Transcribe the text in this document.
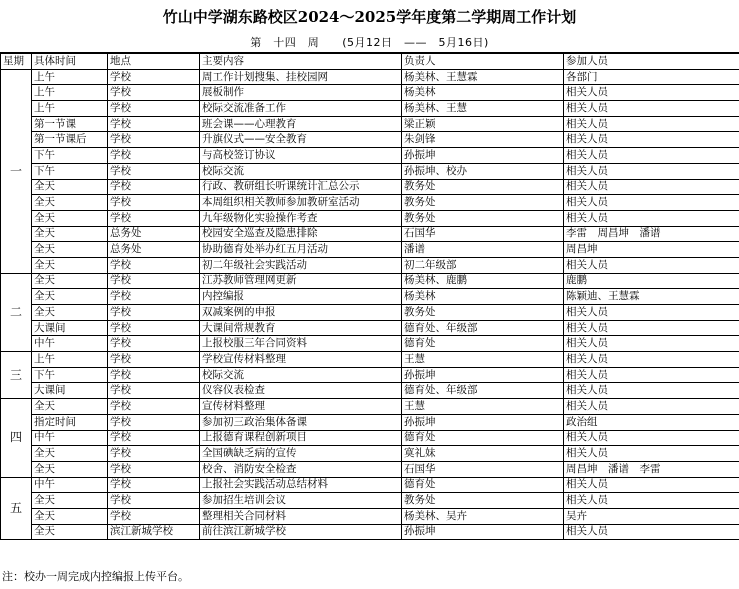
竹山中学湖东路校区2024～2025学年度第二学期周工作计划
第　十四　周　　(5月12日　——　5月16日)
星期	具体时间	地点	主要内容	负责人	参加人员
一	上午	学校	周工作计划搜集、挂校园网	杨美林、王慧霖	各部门
	上午	学校	展板制作	杨美林	相关人员
	上午	学校	校际交流准备工作	杨美林、王慧	相关人员
	第一节课	学校	班会课——心理教育	梁正颖	相关人员
	第一节课后	学校	升旗仪式——安全教育	朱剑锋	相关人员
	下午	学校	与高校签订协议	孙振坤	相关人员
	下午	学校	校际交流	孙振坤、校办	相关人员
	全天	学校	行政、教研组长听课统计汇总公示	教务处	相关人员
	全天	学校	本周组织相关教师参加教研室活动	教务处	相关人员
	全天	学校	九年级物化实验操作考查	教务处	相关人员
	全天	总务处	校园安全巡查及隐患排除	石国华	李雷　周昌坤　潘谱
	全天	总务处	协助德育处举办红五月活动	潘谱	周昌坤
	全天	学校	初二年级社会实践活动	初二年级部	相关人员
二	全天	学校	江苏教师管理网更新	杨美林、鹿鹏	鹿鹏
	全天	学校	内控编报	杨美林	陈颖迪、王慧霖
	全天	学校	双减案例的申报	教务处	相关人员
	大课间	学校	大课间常规教育	德育处、年级部	相关人员
	中午	学校	上报校服三年合同资料	德育处	相关人员
三	上午	学校	学校宣传材料整理	王慧	相关人员
	下午	学校	校际交流	孙振坤	相关人员
	大课间	学校	仪容仪表检查	德育处、年级部	相关人员
四	全天	学校	宣传材料整理	王慧	相关人员
	指定时间	学校	参加初三政治集体备课	孙振坤	政治组
	中午	学校	上报德育课程创新项目	德育处	相关人员
	全天	学校	全国碘缺乏病的宣传	寞礼妹	相关人员
	全天	学校	校舍、消防安全检查	石国华	周昌坤　潘谱　李雷
五	中午	学校	上报社会实践活动总结材料	德育处	相关人员
	全天	学校	参加招生培训会议	教务处	相关人员
	全天	学校	整理相关合同材料	杨美林、吴卉	吴卉
	全天	滨江新城学校	前往滨江新城学校	孙振坤	相关人员
注：校办一周完成内控编报上传平台。
